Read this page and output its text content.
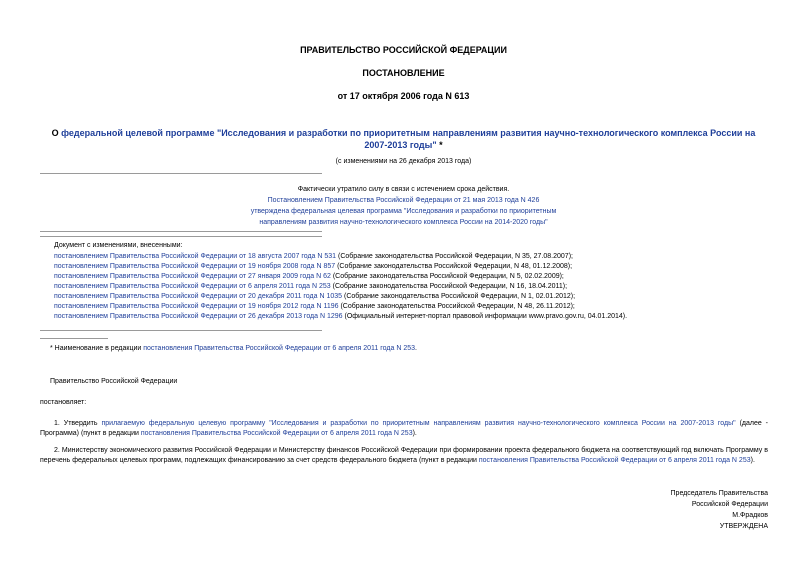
ПРАВИТЕЛЬСТВО РОССИЙСКОЙ ФЕДЕРАЦИИ
ПОСТАНОВЛЕНИЕ
от 17 октября 2006 года N 613
О федеральной целевой программе "Исследования и разработки по приоритетным направлениям развития научно-технологического комплекса России на 2007-2013 годы" *
(с изменениями на 26 декабря 2013 года)
Фактически утратило силу в связи с истечением срока действия.
Постановлением Правительства Российской Федерации от 21 мая 2013 года N 426
утверждена федеральная целевая программа "Исследования и разработки по приоритетным
направлениям развития научно-технологического комплекса России на 2014-2020 годы"
Документ с изменениями, внесенными:
постановлением Правительства Российской Федерации от 18 августа 2007 года N 531 (Собрание законодательства Российской Федерации, N 35, 27.08.2007);
постановлением Правительства Российской Федерации от 19 ноября 2008 года N 857 (Собрание законодательства Российской Федерации, N 48, 01.12.2008);
постановлением Правительства Российской Федерации от 27 января 2009 года N 62 (Собрание законодательства Российской Федерации, N 5, 02.02.2009);
постановлением Правительства Российской Федерации от 6 апреля 2011 года N 253 (Собрание законодательства Российской Федерации, N 16, 18.04.2011);
постановлением Правительства Российской Федерации от 20 декабря 2011 года N 1035 (Собрание законодательства Российской Федерации, N 1, 02.01.2012);
постановлением Правительства Российской Федерации от 19 ноября 2012 года N 1196 (Собрание законодательства Российской Федерации, N 48, 26.11.2012);
постановлением Правительства Российской Федерации от 26 декабря 2013 года N 1296 (Официальный интернет-портал правовой информации www.pravo.gov.ru, 04.01.2014).
* Наименование в редакции постановления Правительства Российской Федерации от 6 апреля 2011 года N 253.
Правительство Российской Федерации
постановляет:
1. Утвердить прилагаемую федеральную целевую программу "Исследования и разработки по приоритетным направлениям развития научно-технологического комплекса России на 2007-2013 годы" (далее - Программа) (пункт в редакции постановления Правительства Российской Федерации от 6 апреля 2011 года N 253).
2. Министерству экономического развития Российской Федерации и Министерству финансов Российской Федерации при формировании проекта федерального бюджета на соответствующий год включать Программу в перечень федеральных целевых программ, подлежащих финансированию за счет средств федерального бюджета (пункт в редакции постановления Правительства Российской Федерации от 6 апреля 2011 года N 253).
Председатель Правительства
Российской Федерации
М.Фрадков
УТВЕРЖДЕНА
